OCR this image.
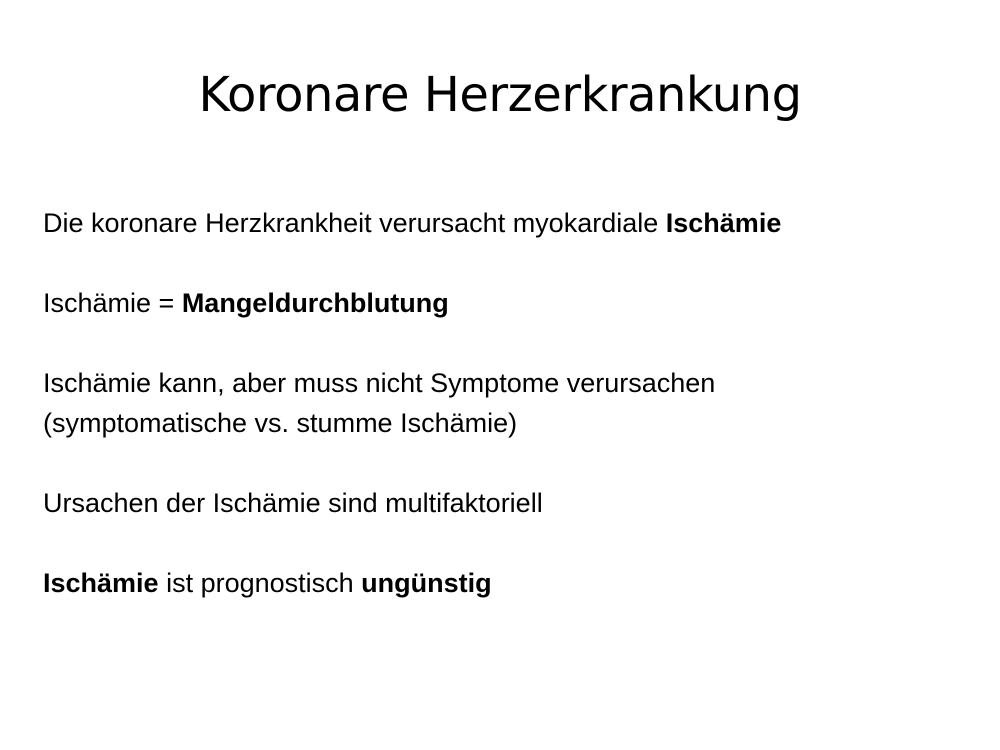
Koronare Herzerkrankung

Die koronare Herzkrankheit verursacht myokardiale Ischämie

Ischämie = Mangeldurchblutung

Ischämie kann, aber muss nicht Symptome verursachen
(symptomatische vs. stumme Ischämie)

Ursachen der Ischämie sind multifaktoriell

Ischämie ist prognostisch ungünstig
